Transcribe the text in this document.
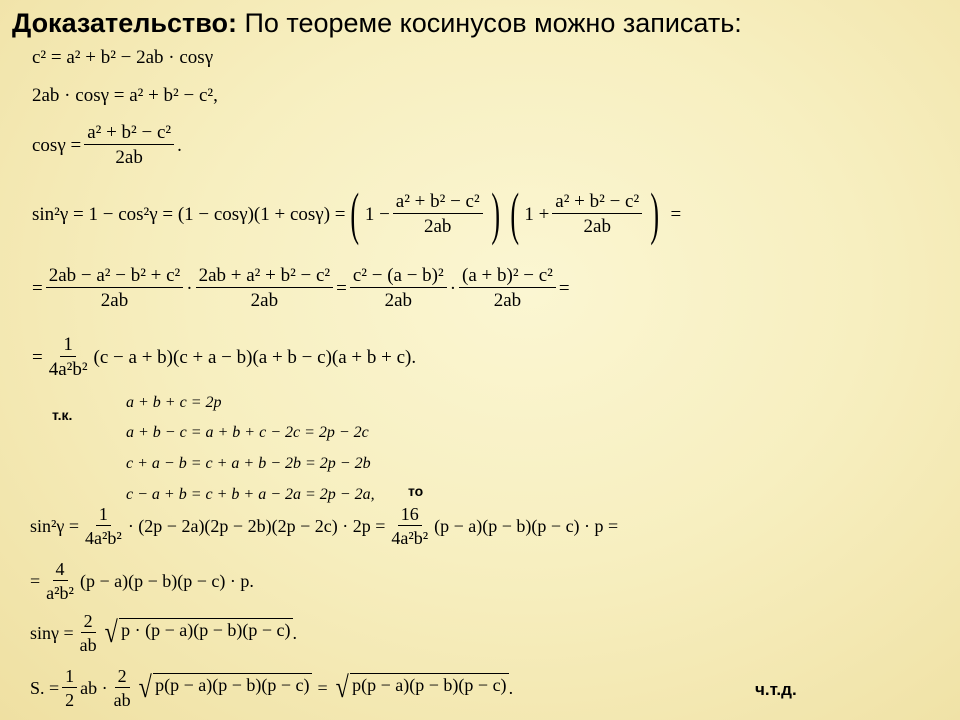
Доказательство: По теореме косинусов можно записать:
c² = a² + b² − 2ab · cosγ
2ab · cosγ = a² + b² − c²,
$\cos\gamma = \frac{\text{a² + b² − c²}}{2ab}$ .
sin²γ = 1 − cos²γ = (1 − cosγ)(1 + cosγ) = ( $1 - \frac{\text{a² + b² − c²}}{2ab}$ ) ( $1 + \frac{\text{a² + b² − c²}}{2ab}$ ) =
= $\frac{\text{2ab − a² − b² + c²}}{2ab} \cdot \frac{\text{2ab + a² + b² − c²}}{2ab} = \frac{\text{c² − (a − b)²}}{2ab} \cdot \frac{\text{(a + b)² − c²}}{2ab}$ =
= $\frac{1}{\text{4a²b²}} (c - a + b)(c + a - b)(a + b - c)(a + b + c)$.
т.к.
a + b + c = 2p
a + b − c = a + b + c − 2c = 2p − 2c
c + a − b = c + a + b − 2b = 2p − 2b
c − a + b = c + b + a − 2a = 2p − 2a, то
$\sin^2\gamma = \frac{1}{\text{4a²b²}} \cdot (2p - 2a)(2p - 2b)(2p - 2c) \cdot 2p = \frac{16}{\text{4a²b²}} (p - a)(p - b)(p - c) \cdot p$ =
= $\frac{4}{\text{a²b²}} (p - a)(p - b)(p - c) \cdot p$.
$\sin\gamma = \frac{2}{ab}$ √ p · (p − a)(p − b)(p − c) .
S. = $\frac{1}{2}$ ab · $\frac{2}{ab}$ √ p(p − a)(p − b)(p − c) = √ p(p − a)(p − b)(p − c) .	ч.т.д.
